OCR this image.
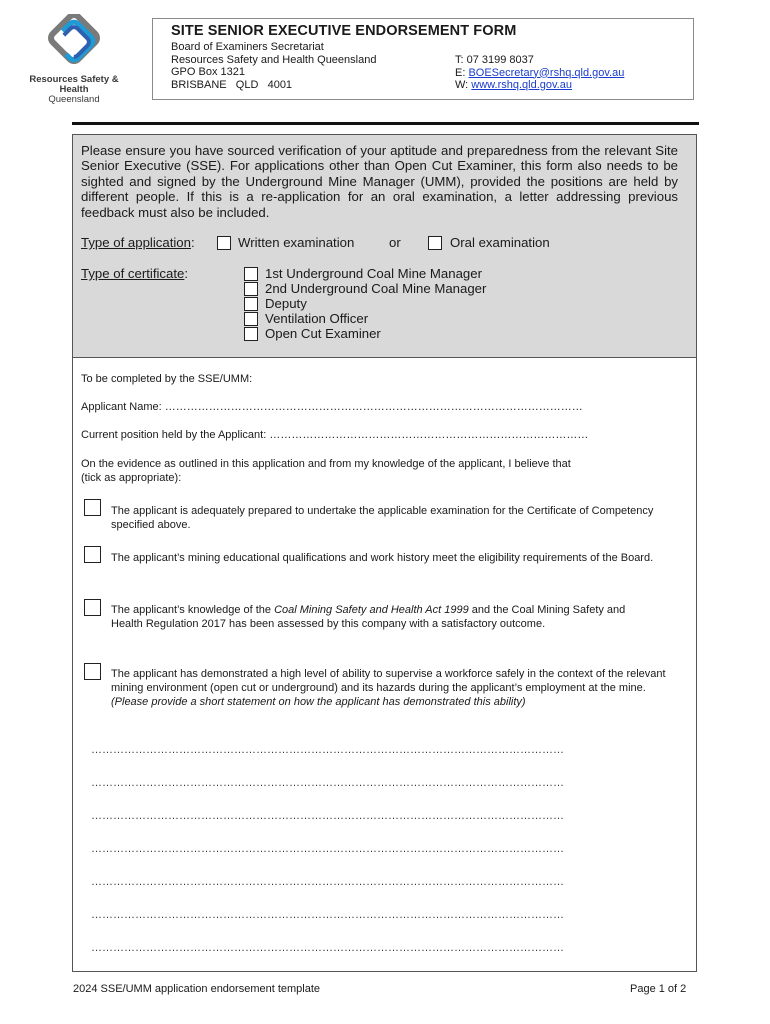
Resources Safety & Health
Queensland
SITE SENIOR EXECUTIVE ENDORSEMENT FORM
Board of Examiners Secretariat
Resources Safety and Health Queensland
GPO Box 1321
BRISBANE   QLD   4001
T: 07 3199 8037
E: BOESecretary@rshq.qld.gov.au
W: www.rshq.qld.gov.au
Please ensure you have sourced verification of your aptitude and preparedness from the relevant Site Senior Executive (SSE). For applications other than Open Cut Examiner, this form also needs to be sighted and signed by the Underground Mine Manager (UMM), provided the positions are held by different people. If this is a re-application for an oral examination, a letter addressing previous feedback must also be included.
Type of application:	Written examination	or	Oral examination
Type of certificate:	1st Underground Coal Mine Manager
2nd Underground Coal Mine Manager
Deputy
Ventilation Officer
Open Cut Examiner
To be completed by the SSE/UMM:
Applicant Name: ……………………………………………………………………………………………………
Current position held by the Applicant: ……………………………………………………………………………
On the evidence as outlined in this application and from my knowledge of the applicant, I believe that
(tick as appropriate):
The applicant is adequately prepared to undertake the applicable examination for the Certificate of Competency specified above.
The applicant’s mining educational qualifications and work history meet the eligibility requirements of the Board.
The applicant’s knowledge of the Coal Mining Safety and Health Act 1999 and the Coal Mining Safety and Health Regulation 2017 has been assessed by this company with a satisfactory outcome.
The applicant has demonstrated a high level of ability to supervise a workforce safely in the context of the relevant mining environment (open cut or underground) and its hazards during the applicant’s employment at the mine. (Please provide a short statement on how the applicant has demonstrated this ability)
…………………………………………………………………………………………………………………
…………………………………………………………………………………………………………………
…………………………………………………………………………………………………………………
…………………………………………………………………………………………………………………
…………………………………………………………………………………………………………………
…………………………………………………………………………………………………………………
…………………………………………………………………………………………………………………
2024 SSE/UMM application endorsement template	Page 1 of 2
